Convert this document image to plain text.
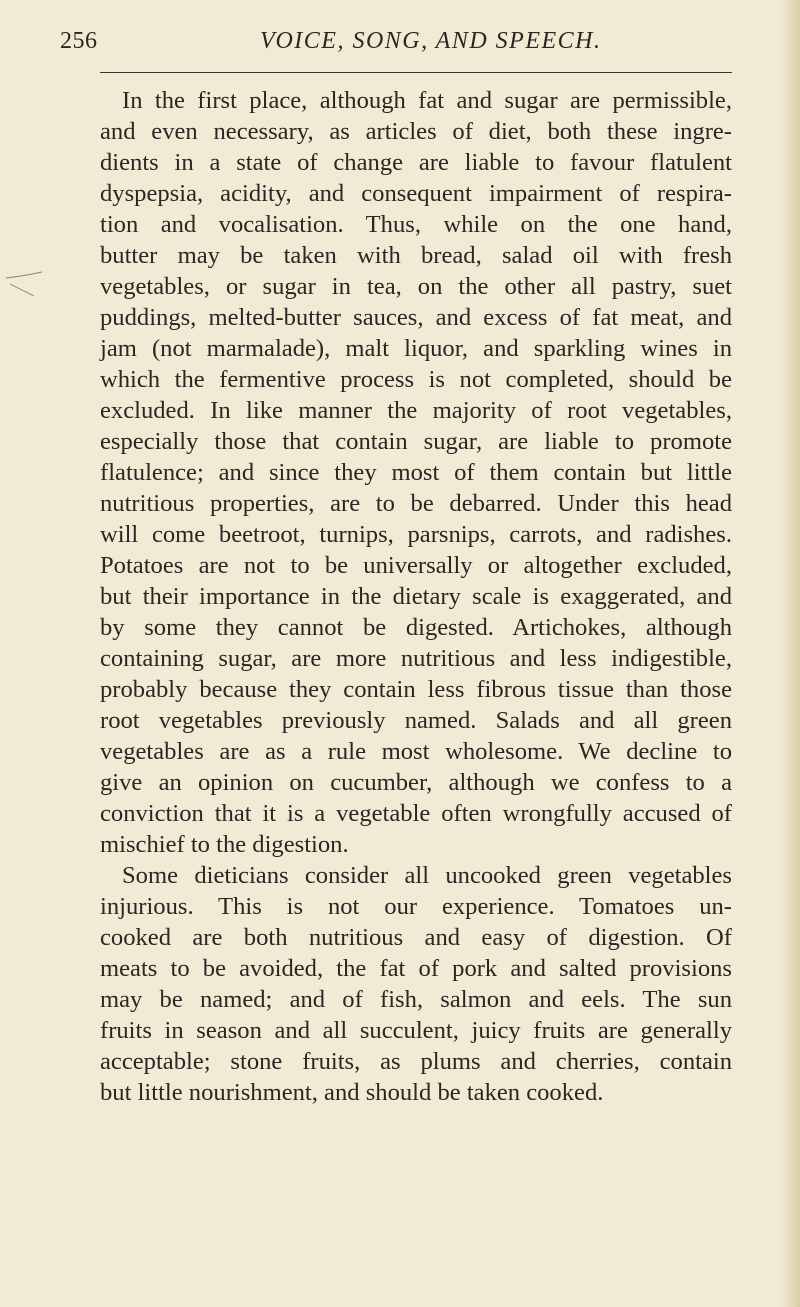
256	VOICE, SONG, AND SPEECH.
In the first place, although fat and sugar are permissible,
and even necessary, as articles of diet, both these ingre-
dients in a state of change are liable to favour flatulent
dyspepsia, acidity, and consequent impairment of respira-
tion and vocalisation. Thus, while on the one hand,
butter may be taken with bread, salad oil with fresh
vegetables, or sugar in tea, on the other all pastry, suet
puddings, melted-butter sauces, and excess of fat meat, and
jam (not marmalade), malt liquor, and sparkling wines in
which the fermentive process is not completed, should be
excluded. In like manner the majority of root vegetables,
especially those that contain sugar, are liable to promote
flatulence; and since they most of them contain but little
nutritious properties, are to be debarred. Under this head
will come beetroot, turnips, parsnips, carrots, and radishes.
Potatoes are not to be universally or altogether excluded,
but their importance in the dietary scale is exaggerated, and
by some they cannot be digested. Artichokes, although
containing sugar, are more nutritious and less indigestible,
probably because they contain less fibrous tissue than those
root vegetables previously named. Salads and all green
vegetables are as a rule most wholesome. We decline to
give an opinion on cucumber, although we confess to a
conviction that it is a vegetable often wrongfully accused of
mischief to the digestion.
Some dieticians consider all uncooked green vegetables
injurious. This is not our experience. Tomatoes un-
cooked are both nutritious and easy of digestion. Of
meats to be avoided, the fat of pork and salted provisions
may be named; and of fish, salmon and eels. The sun
fruits in season and all succulent, juicy fruits are generally
acceptable; stone fruits, as plums and cherries, contain
but little nourishment, and should be taken cooked.
